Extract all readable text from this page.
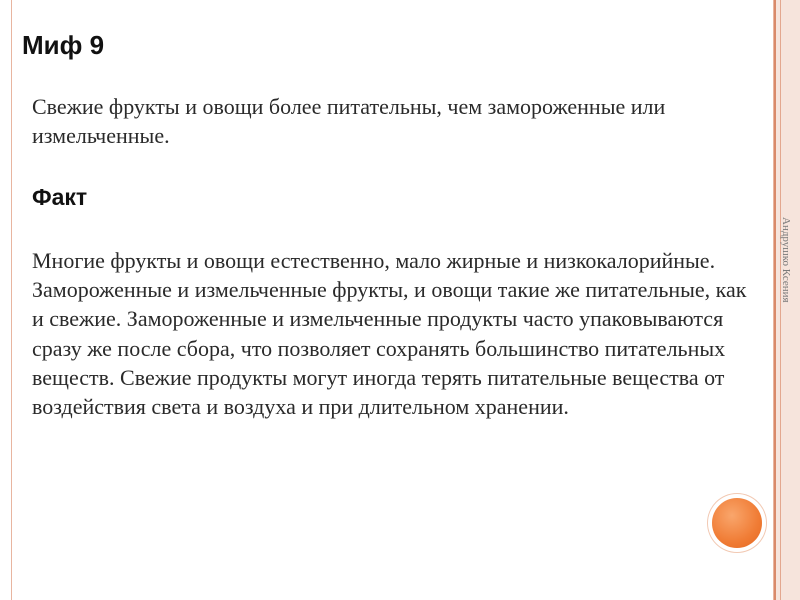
Андрушко Ксения
Миф 9
Свежие фрукты и овощи более питательны, чем замороженные или измельченные.
Факт
Многие фрукты и овощи естественно, мало жирные и низкокалорийные. Замороженные и измельченные фрукты, и овощи такие же питательные, как и свежие. Замороженные и измельченные продукты часто упаковываются сразу же после сбора, что позволяет сохранять большинство питательных веществ. Свежие продукты могут иногда терять питательные вещества от воздействия света и воздуха и при длительном хранении.
